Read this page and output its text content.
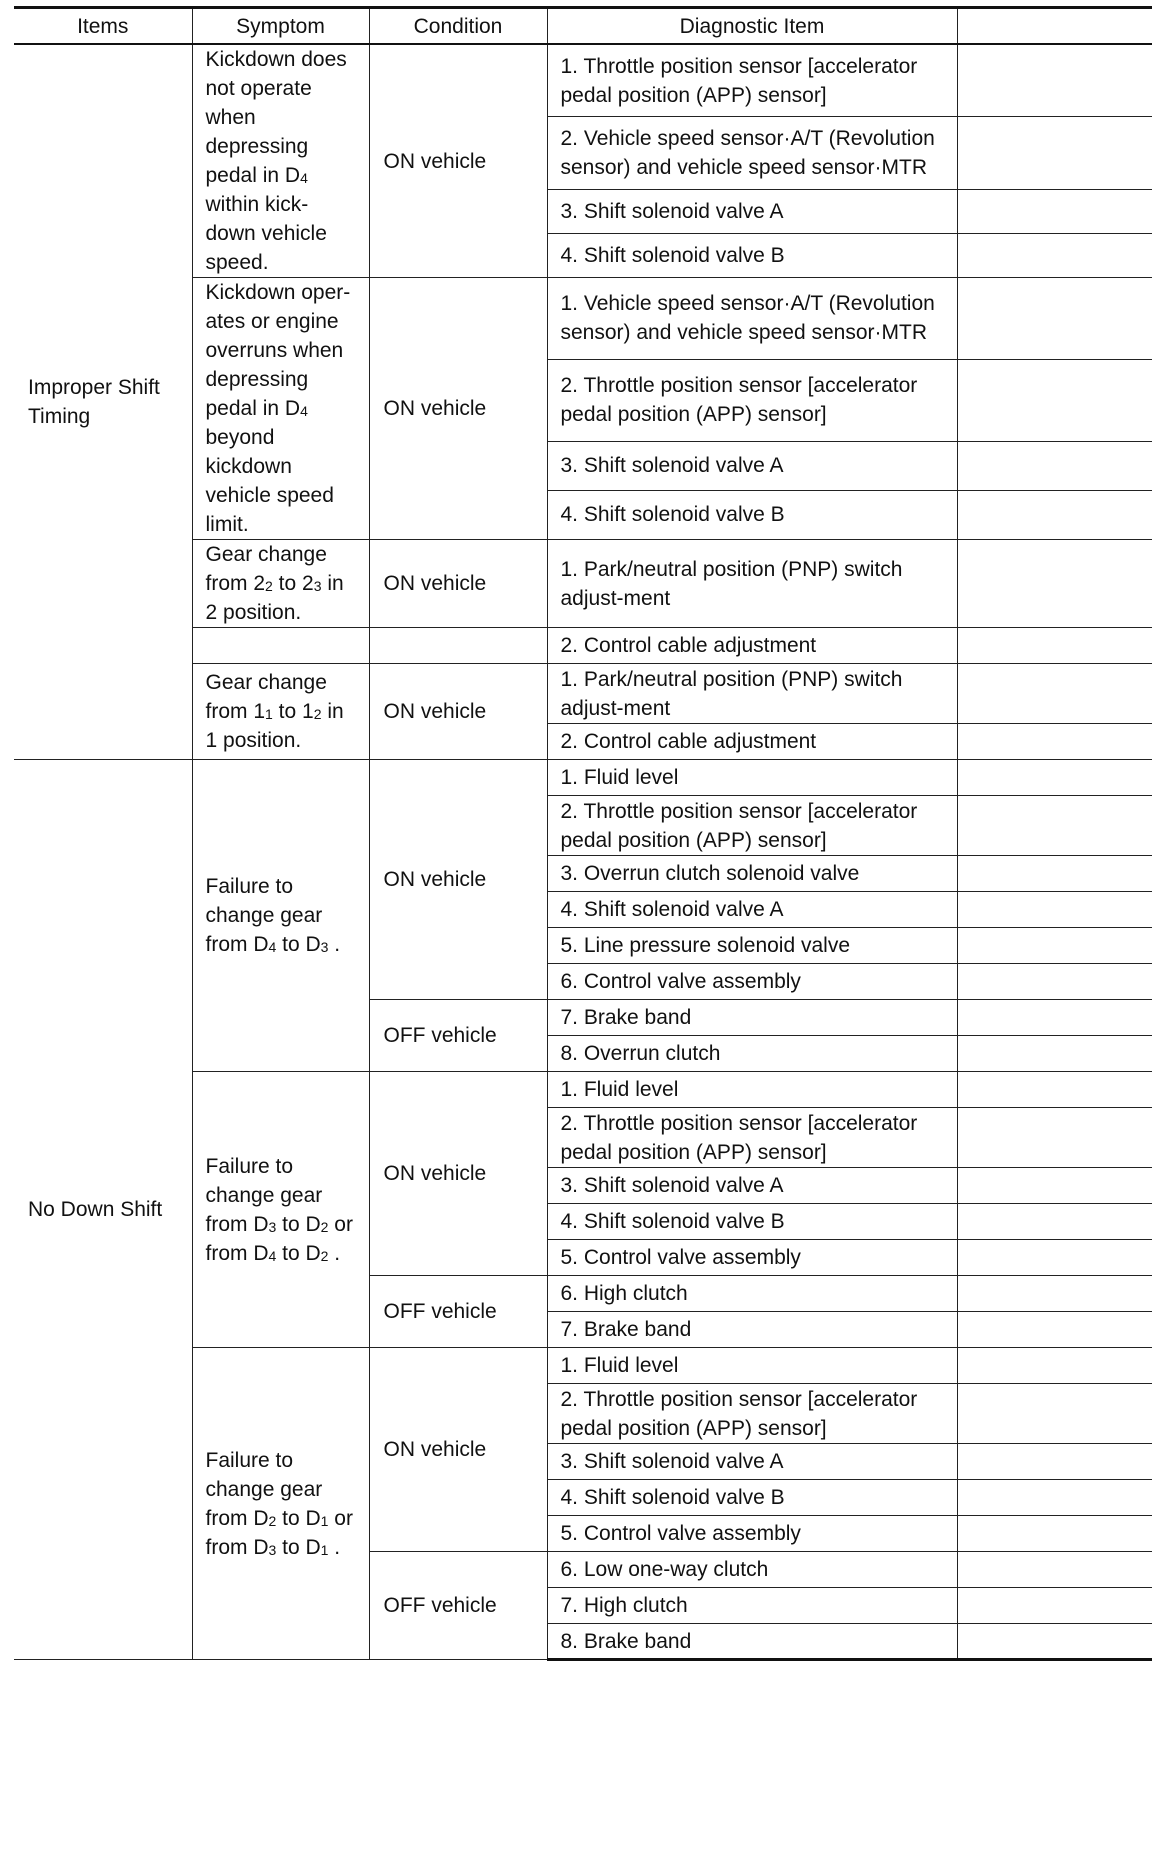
Items	Symptom	Condition	Diagnostic Item	
Improper Shift Timing	Kickdown does not operate when depressing pedal in $D_4$ within kick-down vehicle speed.	ON vehicle	1. Throttle position sensor [accelerator pedal position (APP) sensor]	
			2. Vehicle speed sensor·A/T (Revolution sensor) and vehicle speed sensor·MTR	
			3. Shift solenoid valve A	
			4. Shift solenoid valve B	
	Kickdown oper-ates or engine overruns when depressing pedal in $D_4$ beyond kickdown vehicle speed limit.	ON vehicle	1. Vehicle speed sensor·A/T (Revolution sensor) and vehicle speed sensor·MTR	
			2. Throttle position sensor [accelerator pedal position (APP) sensor]	
			3. Shift solenoid valve A	
			4. Shift solenoid valve B	
	Gear change from $2_2$ to $2_3$ in 2 position.	ON vehicle	1. Park/neutral position (PNP) switch adjust-ment	
			2. Control cable adjustment	
	Gear change from $1_1$ to $1_2$ in 1 position.	ON vehicle	1. Park/neutral position (PNP) switch adjust-ment	
			2. Control cable adjustment	
No Down Shift	Failure to change gear from $D_4$ to $D_3$ .	ON vehicle	1. Fluid level	
			2. Throttle position sensor [accelerator pedal position (APP) sensor]	
			3. Overrun clutch solenoid valve	
			4. Shift solenoid valve A	
			5. Line pressure solenoid valve	
			6. Control valve assembly	
		OFF vehicle	7. Brake band	
			8. Overrun clutch	
	Failure to change gear from $D_3$ to $D_2$ or from $D_4$ to $D_2$ .	ON vehicle	1. Fluid level	
			2. Throttle position sensor [accelerator pedal position (APP) sensor]	
			3. Shift solenoid valve A	
			4. Shift solenoid valve B	
			5. Control valve assembly	
		OFF vehicle	6. High clutch	
			7. Brake band	
	Failure to change gear from $D_2$ to $D_1$ or from $D_3$ to $D_1$ .	ON vehicle	1. Fluid level	
			2. Throttle position sensor [accelerator pedal position (APP) sensor]	
			3. Shift solenoid valve A	
			4. Shift solenoid valve B	
			5. Control valve assembly	
		OFF vehicle	6. Low one-way clutch	
			7. High clutch	
			8. Brake band	
